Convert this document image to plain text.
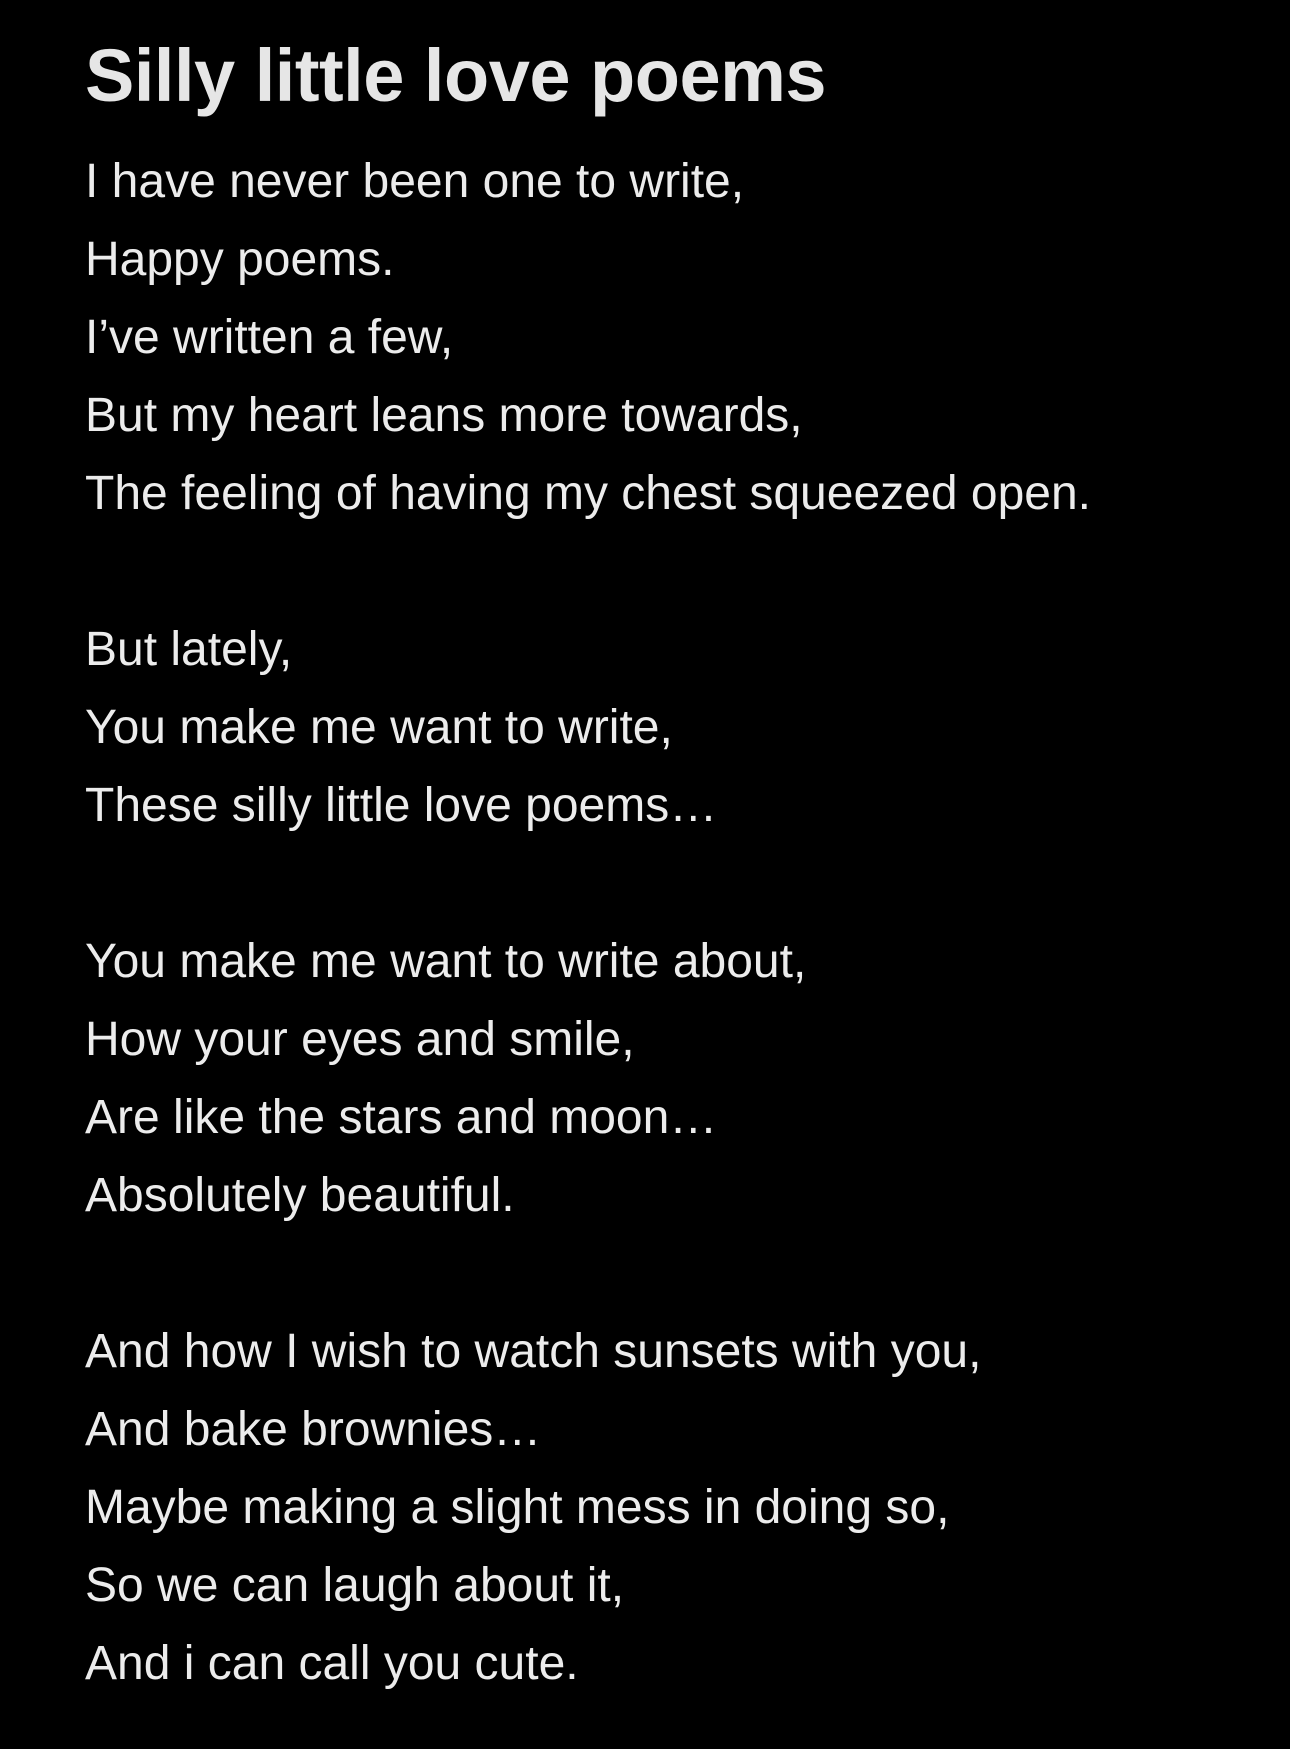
Silly little love poems
I have never been one to write,
Happy poems.
I’ve written a few,
But my heart leans more towards,
The feeling of having my chest squeezed open.
But lately,
You make me want to write,
These silly little love poems…
You make me want to write about,
How your eyes and smile,
Are like the stars and moon…
Absolutely beautiful.
And how I wish to watch sunsets with you,
And bake brownies…
Maybe making a slight mess in doing so,
So we can laugh about it,
And i can call you cute.
